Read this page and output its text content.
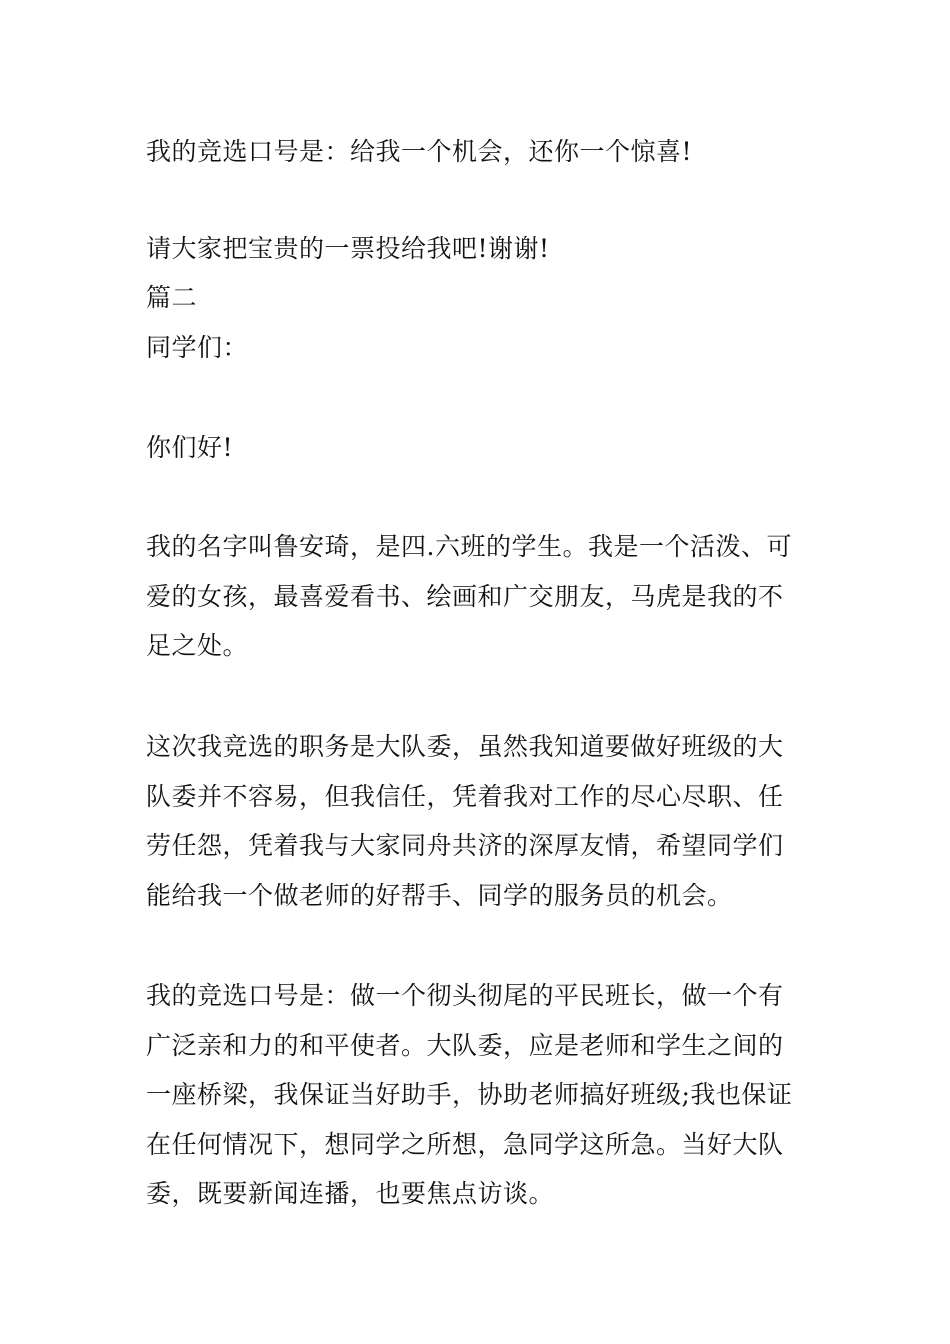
我的竞选口号是：给我一个机会，还你一个惊喜!
请大家把宝贵的一票投给我吧!谢谢!
篇二
同学们：
你们好!
我的名字叫鲁安琦，是四.六班的学生。我是一个活泼、可
爱的女孩，最喜爱看书、绘画和广交朋友，马虎是我的不
足之处。
这次我竞选的职务是大队委，虽然我知道要做好班级的大
队委并不容易，但我信任，凭着我对工作的尽心尽职、任
劳任怨，凭着我与大家同舟共济的深厚友情，希望同学们
能给我一个做老师的好帮手、同学的服务员的机会。
我的竞选口号是：做一个彻头彻尾的平民班长，做一个有
广泛亲和力的和平使者。大队委，应是老师和学生之间的
一座桥梁，我保证当好助手，协助老师搞好班级;我也保证
在任何情况下，想同学之所想，急同学这所急。当好大队
委，既要新闻连播，也要焦点访谈。
